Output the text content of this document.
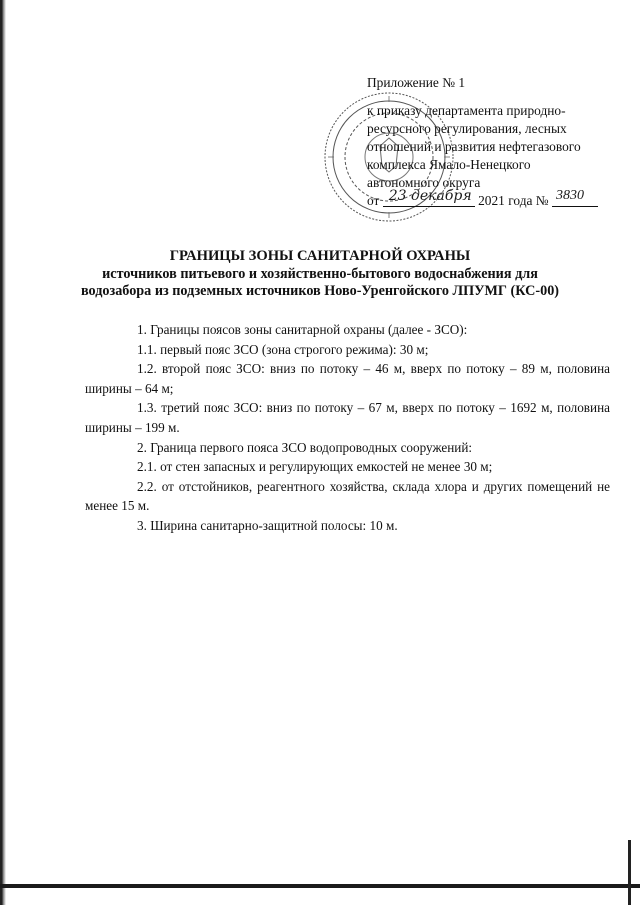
Приложение № 1
к приказу департамента природно-
ресурсного регулирования, лесных
отношений и развития нефтегазового
комплекса Ямало-Ненецкого
автономного округа
от 23 декабря 2021 года № 3830
ГРАНИЦЫ ЗОНЫ САНИТАРНОЙ ОХРАНЫ
источников питьевого и хозяйственно-бытового водоснабжения для
водозабора из подземных источников Ново-Уренгойского ЛПУМГ (КС-00)
1. Границы поясов зоны санитарной охраны (далее - ЗСО):
1.1. первый пояс ЗСО (зона строгого режима): 30 м;
1.2. второй пояс ЗСО: вниз по потоку – 46 м, вверх по потоку – 89 м, половина ширины – 64 м;
1.3. третий пояс ЗСО: вниз по потоку – 67 м, вверх по потоку – 1692 м, половина ширины – 199 м.
2. Граница первого пояса ЗСО водопроводных сооружений:
2.1. от стен запасных и регулирующих емкостей не менее 30 м;
2.2. от отстойников, реагентного хозяйства, склада хлора и других помещений не менее 15 м.
3. Ширина санитарно-защитной полосы: 10 м.
